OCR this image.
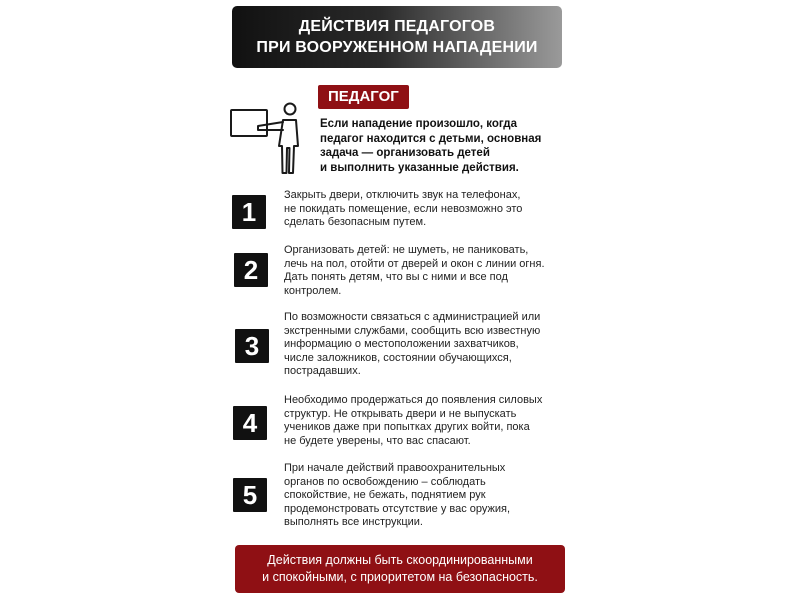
ДЕЙСТВИЯ ПЕДАГОГОВ
ПРИ ВООРУЖЕННОМ НАПАДЕНИИ
ПЕДАГОГ
Если нападение произошло, когда
педагог находится с детьми, основная
задача — организовать детей
и выполнить указанные действия.
1
Закрыть двери, отключить звук на телефонах,
не покидать помещение, если невозможно это
сделать безопасным путем.
2
Организовать детей: не шуметь, не паниковать,
лечь на пол, отойти от дверей и окон с линии огня.
Дать понять детям, что вы с ними и все под
контролем.
3
По возможности связаться с администрацией или
экстренными службами, сообщить всю известную
информацию о местоположении захватчиков,
числе заложников, состоянии обучающихся,
пострадавших.
4
Необходимо продержаться до появления силовых
структур. Не открывать двери и не выпускать
учеников даже при попытках других войти, пока
не будете уверены, что вас спасают.
5
При начале действий правоохранительных
органов по освобождению – соблюдать
спокойствие, не бежать, поднятием рук
продемонстровать отсутствие у вас оружия,
выполнять все инструкции.
Действия должны быть скоординированными
и спокойными, с приоритетом на безопасность.
